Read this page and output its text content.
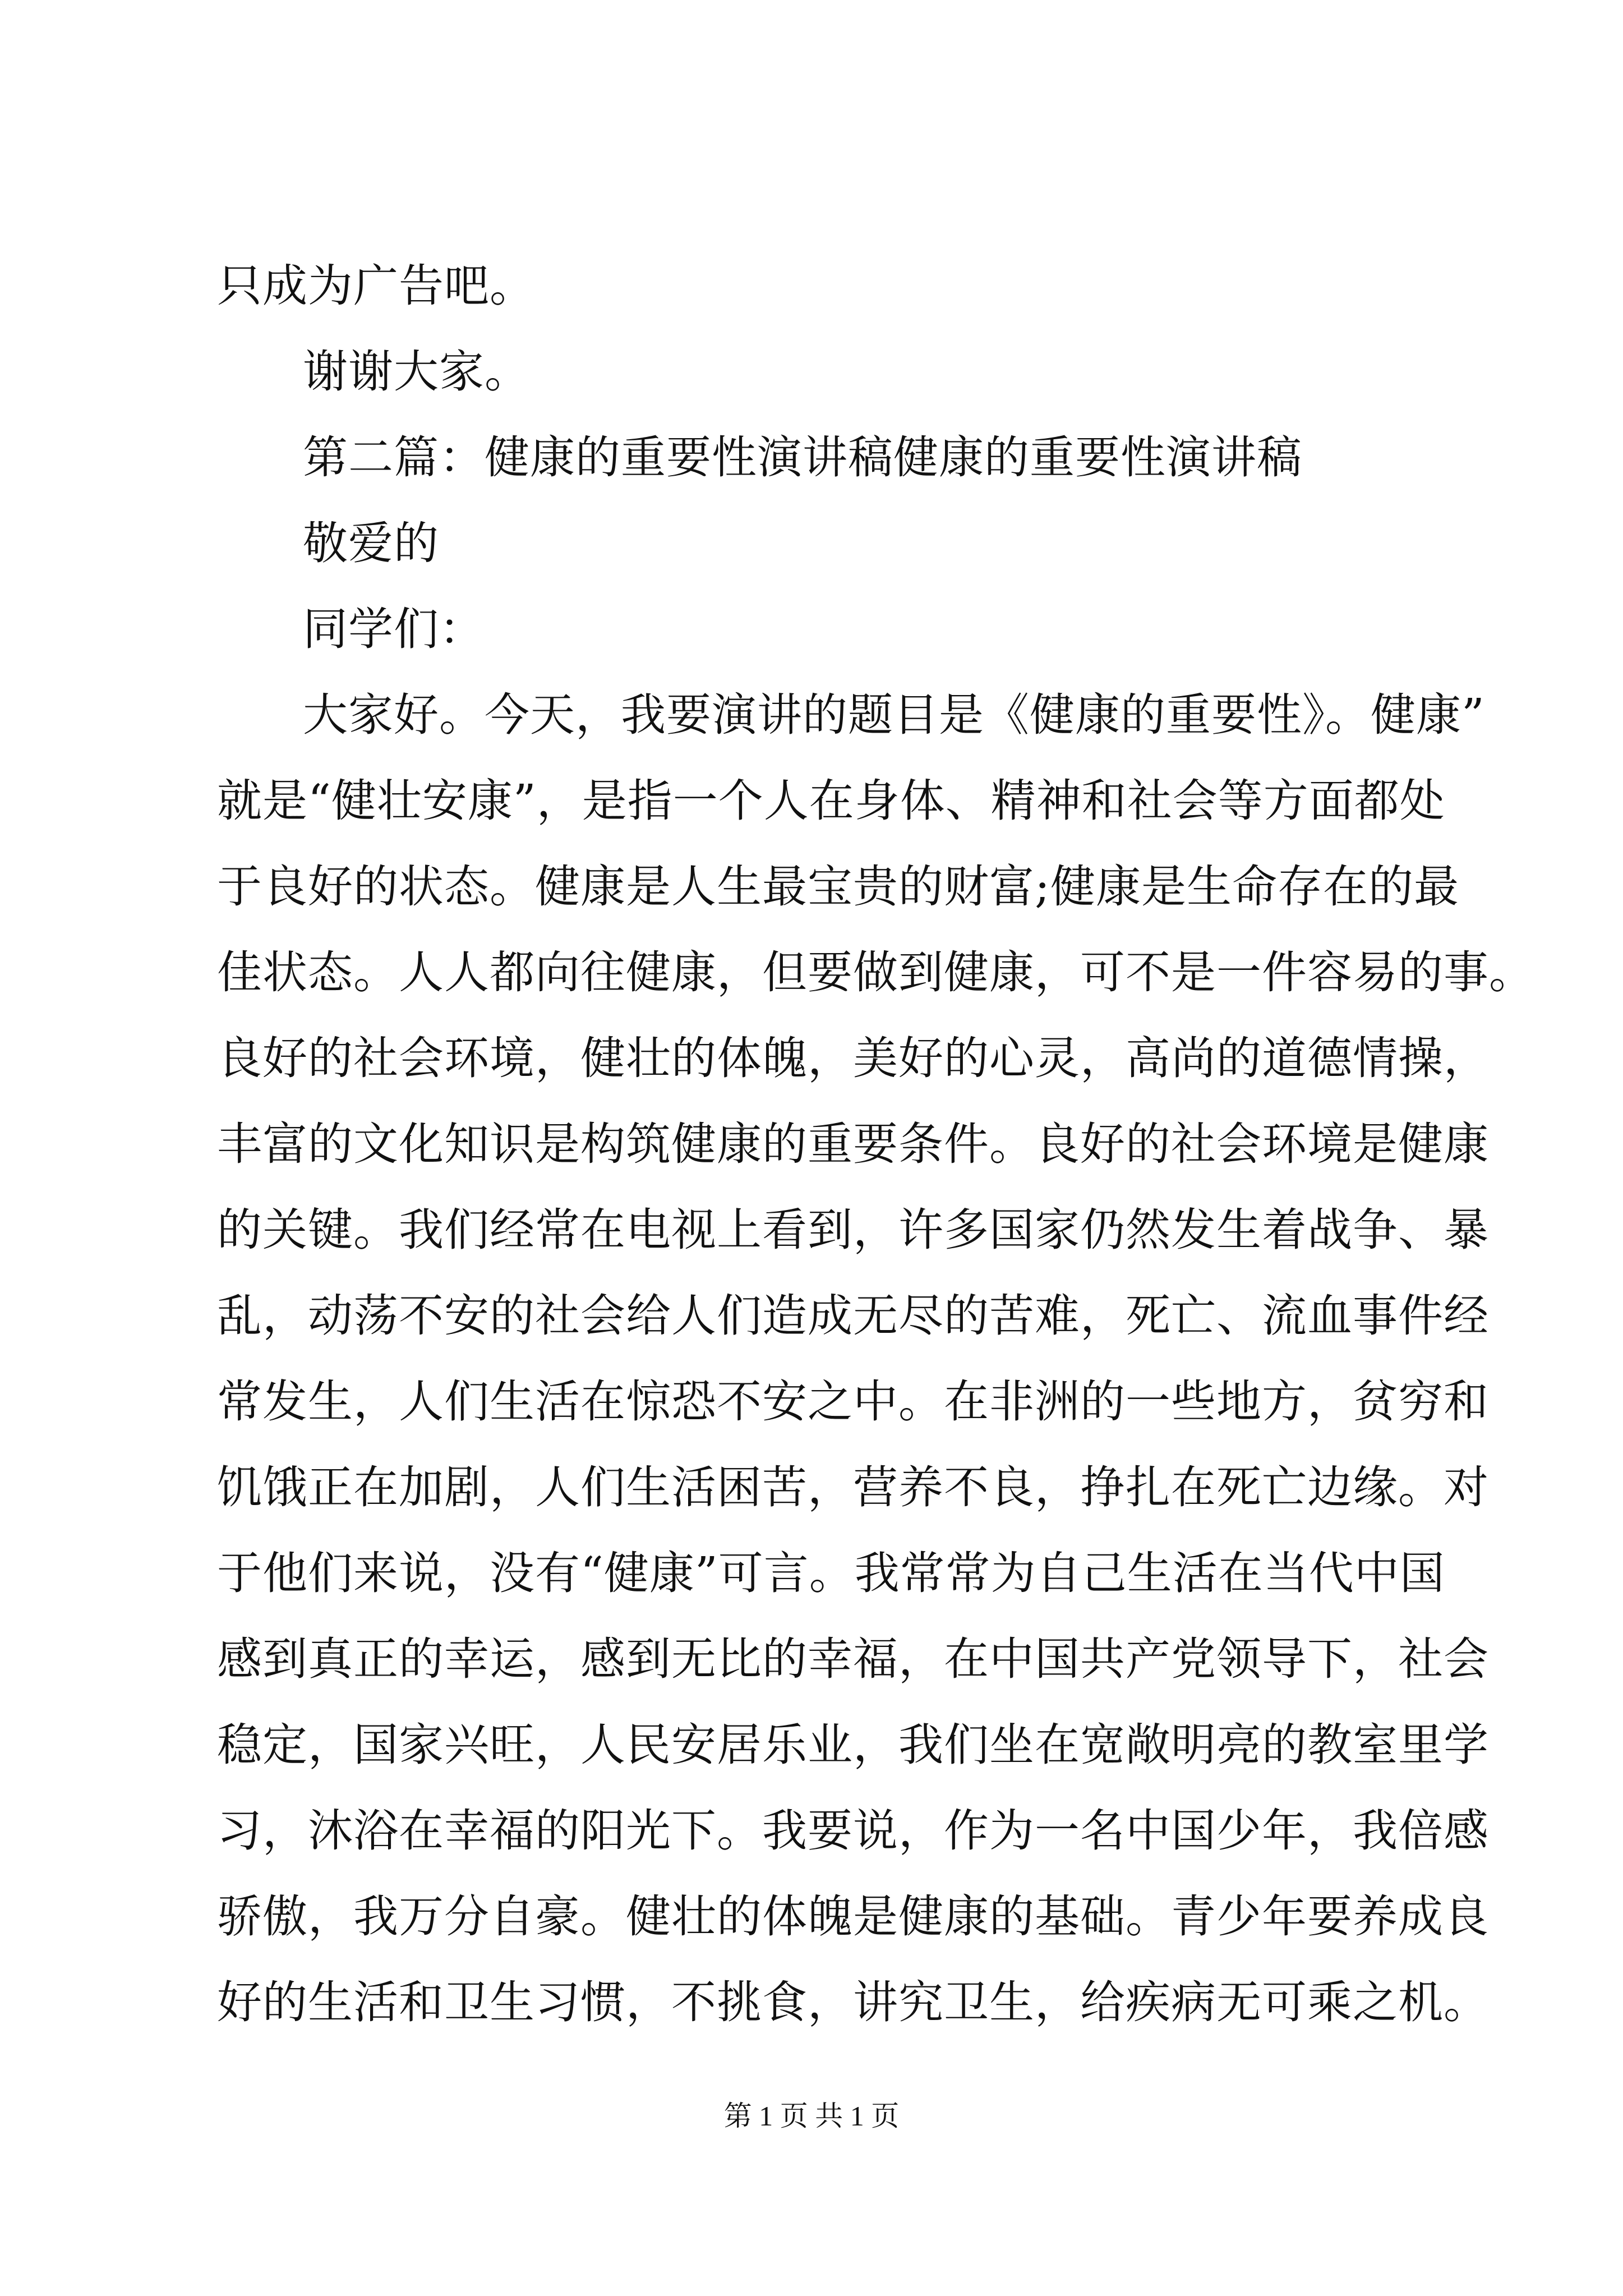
只成为广告吧。
谢谢大家。
第二篇：健康的重要性演讲稿健康的重要性演讲稿
敬爱的
同学们：
大家好。今天，我要演讲的题目是《健康的重要性》。健康”
就是“健壮安康”，是指一个人在身体、精神和社会等方面都处
于良好的状态。健康是人生最宝贵的财富;健康是生命存在的最
佳状态。人人都向往健康，但要做到健康，可不是一件容易的事。
良好的社会环境，健壮的体魄，美好的心灵，高尚的道德情操，
丰富的文化知识是构筑健康的重要条件。良好的社会环境是健康
的关键。我们经常在电视上看到，许多国家仍然发生着战争、暴
乱，动荡不安的社会给人们造成无尽的苦难，死亡、流血事件经
常发生，人们生活在惊恐不安之中。在非洲的一些地方，贫穷和
饥饿正在加剧，人们生活困苦，营养不良，挣扎在死亡边缘。对
于他们来说，没有“健康”可言。我常常为自己生活在当代中国
感到真正的幸运，感到无比的幸福，在中国共产党领导下，社会
稳定，国家兴旺，人民安居乐业，我们坐在宽敞明亮的教室里学
习，沐浴在幸福的阳光下。我要说，作为一名中国少年，我倍感
骄傲，我万分自豪。健壮的体魄是健康的基础。青少年要养成良
好的生活和卫生习惯，不挑食，讲究卫生，给疾病无可乘之机。
第 1 页 共 1 页
